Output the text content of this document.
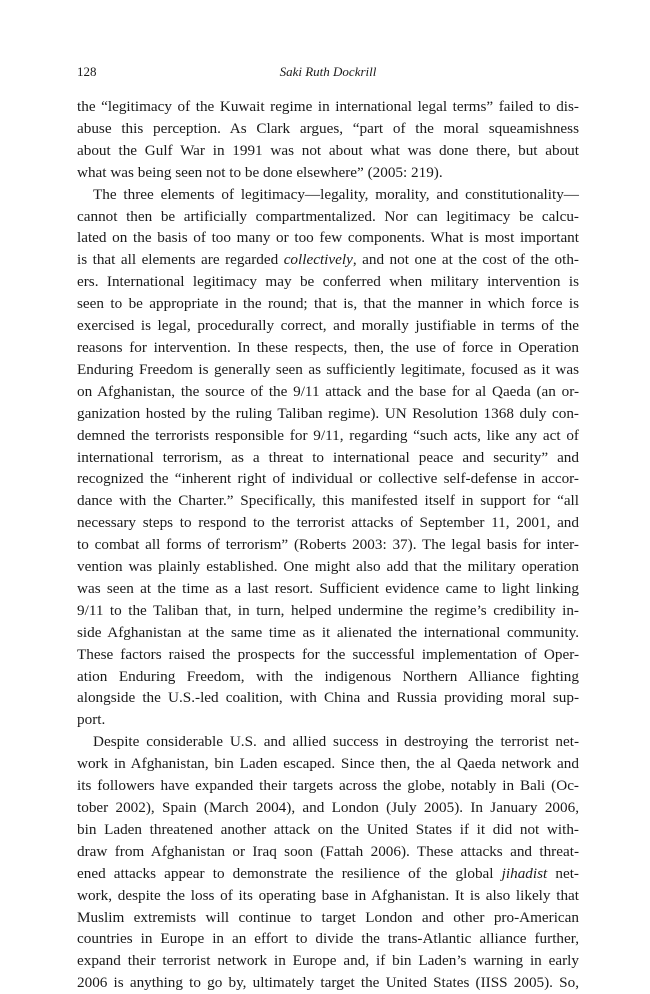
128	Saki Ruth Dockrill

the “legitimacy of the Kuwait regime in international legal terms” failed to dis-
abuse this perception. As Clark argues, “part of the moral squeamishness
about the Gulf War in 1991 was not about what was done there, but about
what was being seen not to be done elsewhere” (2005: 219).

The three elements of legitimacy—legality, morality, and constitutionality—
cannot then be artificially compartmentalized. Nor can legitimacy be calcu-
lated on the basis of too many or too few components. What is most important
is that all elements are regarded collectively, and not one at the cost of the oth-
ers. International legitimacy may be conferred when military intervention is
seen to be appropriate in the round; that is, that the manner in which force is
exercised is legal, procedurally correct, and morally justifiable in terms of the
reasons for intervention. In these respects, then, the use of force in Operation
Enduring Freedom is generally seen as sufficiently legitimate, focused as it was
on Afghanistan, the source of the 9/11 attack and the base for al Qaeda (an or-
ganization hosted by the ruling Taliban regime). UN Resolution 1368 duly con-
demned the terrorists responsible for 9/11, regarding “such acts, like any act of
international terrorism, as a threat to international peace and security” and
recognized the “inherent right of individual or collective self-defense in accor-
dance with the Charter.” Specifically, this manifested itself in support for “all
necessary steps to respond to the terrorist attacks of September 11, 2001, and
to combat all forms of terrorism” (Roberts 2003: 37). The legal basis for inter-
vention was plainly established. One might also add that the military operation
was seen at the time as a last resort. Sufficient evidence came to light linking
9/11 to the Taliban that, in turn, helped undermine the regime’s credibility in-
side Afghanistan at the same time as it alienated the international community.
These factors raised the prospects for the successful implementation of Oper-
ation Enduring Freedom, with the indigenous Northern Alliance fighting
alongside the U.S.-led coalition, with China and Russia providing moral sup-
port.

Despite considerable U.S. and allied success in destroying the terrorist net-
work in Afghanistan, bin Laden escaped. Since then, the al Qaeda network and
its followers have expanded their targets across the globe, notably in Bali (Oc-
tober 2002), Spain (March 2004), and London (July 2005). In January 2006,
bin Laden threatened another attack on the United States if it did not with-
draw from Afghanistan or Iraq soon (Fattah 2006). These attacks and threat-
ened attacks appear to demonstrate the resilience of the global jihadist net-
work, despite the loss of its operating base in Afghanistan. It is also likely that
Muslim extremists will continue to target London and other pro-American
countries in Europe in an effort to divide the trans-Atlantic alliance further,
expand their terrorist network in Europe and, if bin Laden’s warning in early
2006 is anything to go by, ultimately target the United States (IISS 2005). So,
